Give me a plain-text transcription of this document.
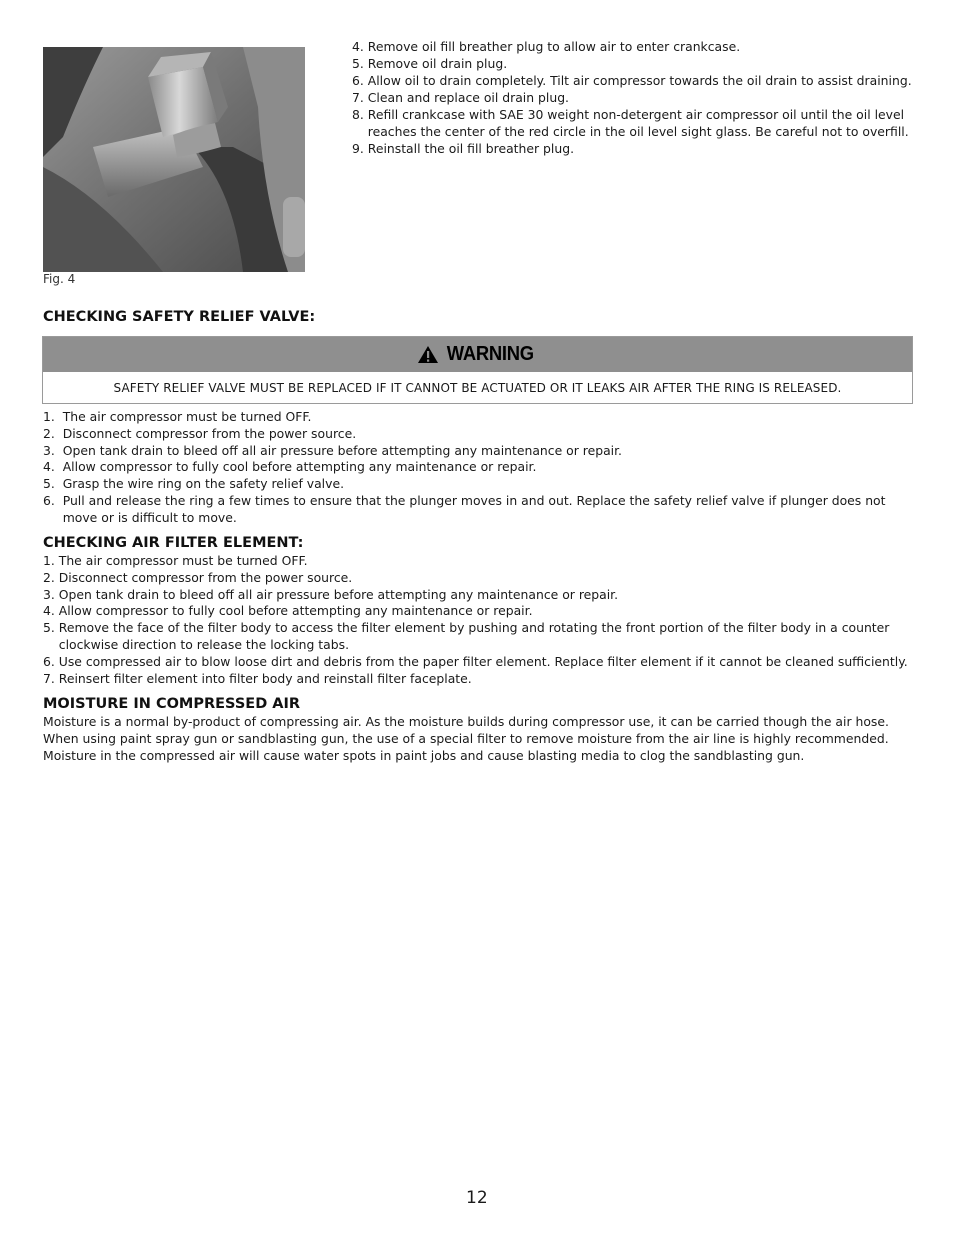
Fig. 4
4. Remove oil fill breather plug to allow air to enter crankcase.
5. Remove oil drain plug.
6. Allow oil to drain completely. Tilt air compressor towards the oil drain to assist draining.
7. Clean and replace oil drain plug.
8. Refill crankcase with SAE 30 weight non-detergent air compressor oil until the oil level reaches the center of the red circle in the oil level sight glass. Be careful not to overfill.
9. Reinstall the oil fill breather plug.
CHECKING SAFETY RELIEF VALVE:
WARNING
SAFETY RELIEF VALVE MUST BE REPLACED IF IT CANNOT BE ACTUATED OR IT LEAKS AIR AFTER THE RING IS RELEASED.
1. The air compressor must be turned OFF.
2. Disconnect compressor from the power source.
3. Open tank drain to bleed off all air pressure before attempting any maintenance or repair.
4. Allow compressor to fully cool before attempting any maintenance or repair.
5. Grasp the wire ring on the safety relief valve.
6. Pull and release the ring a few times to ensure that the plunger moves in and out. Replace the safety relief valve if plunger does not move or is difficult to move.
CHECKING AIR FILTER ELEMENT:
1. The air compressor must be turned OFF.
2. Disconnect compressor from the power source.
3. Open tank drain to bleed off all air pressure before attempting any maintenance or repair.
4. Allow compressor to fully cool before attempting any maintenance or repair.
5. Remove the face of the filter body to access the filter element by pushing and rotating the front portion of the filter body in a counter clockwise direction to release the locking tabs.
6. Use compressed air to blow loose dirt and debris from the paper filter element. Replace filter element if it cannot be cleaned sufficiently.
7. Reinsert filter element into filter body and reinstall filter faceplate.
MOISTURE IN COMPRESSED AIR
Moisture is a normal by-product of compressing air. As the moisture builds during compressor use, it can be carried though the air hose. When using paint spray gun or sandblasting gun, the use of a special filter to remove moisture from the air line is highly recommended. Moisture in the compressed air will cause water spots in paint jobs and cause blasting media to clog the sandblasting gun.
12
